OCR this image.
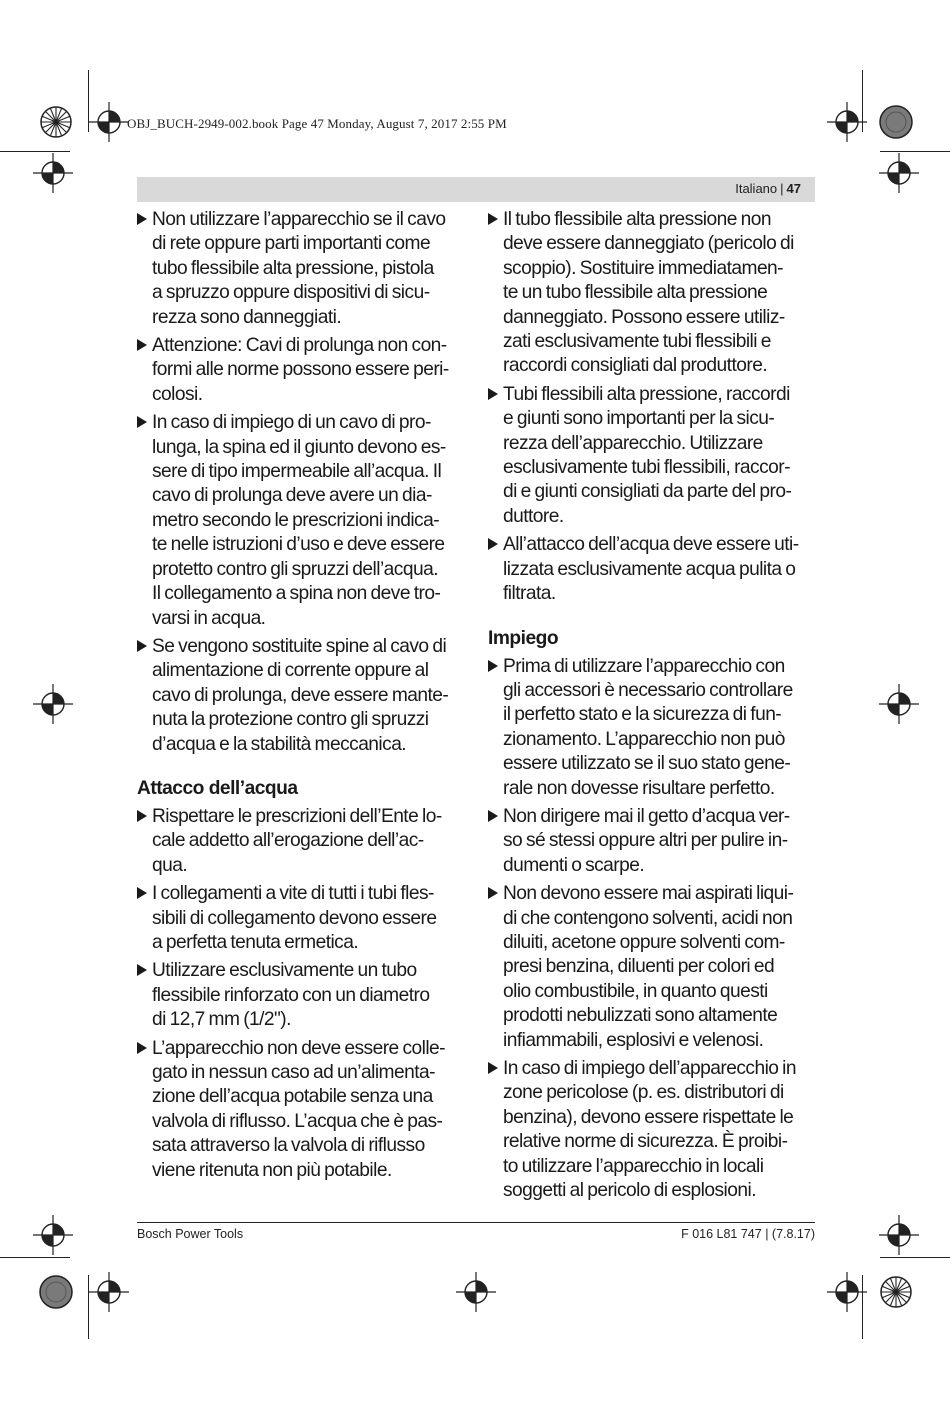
OBJ_BUCH-2949-002.book Page 47 Monday, August 7, 2017 2:55 PM
Italiano | 47
Non utilizzare l’apparecchio se il cavo
di rete oppure parti importanti come
tubo flessibile alta pressione, pistola
a spruzzo oppure dispositivi di sicu-
rezza sono danneggiati.
Attenzione: Cavi di prolunga non con-
formi alle norme possono essere peri-
colosi.
In caso di impiego di un cavo di pro-
lunga, la spina ed il giunto devono es-
sere di tipo impermeabile all’acqua. Il
cavo di prolunga deve avere un dia-
metro secondo le prescrizioni indica-
te nelle istruzioni d’uso e deve essere
protetto contro gli spruzzi dell’acqua.
Il collegamento a spina non deve tro-
varsi in acqua.
Se vengono sostituite spine al cavo di
alimentazione di corrente oppure al
cavo di prolunga, deve essere mante-
nuta la protezione contro gli spruzzi
d’acqua e la stabilità meccanica.
Attacco dell’acqua
Rispettare le prescrizioni dell’Ente lo-
cale addetto all’erogazione dell’ac-
qua.
I collegamenti a vite di tutti i tubi fles-
sibili di collegamento devono essere
a perfetta tenuta ermetica.
Utilizzare esclusivamente un tubo
flessibile rinforzato con un diametro
di 12,7 mm (1/2").
L’apparecchio non deve essere colle-
gato in nessun caso ad un’alimenta-
zione dell’acqua potabile senza una
valvola di riflusso. L’acqua che è pas-
sata attraverso la valvola di riflusso
viene ritenuta non più potabile.
Il tubo flessibile alta pressione non
deve essere danneggiato (pericolo di
scoppio). Sostituire immediatamen-
te un tubo flessibile alta pressione
danneggiato. Possono essere utiliz-
zati esclusivamente tubi flessibili e
raccordi consigliati dal produttore.
Tubi flessibili alta pressione, raccordi
e giunti sono importanti per la sicu-
rezza dell’apparecchio. Utilizzare
esclusivamente tubi flessibili, raccor-
di e giunti consigliati da parte del pro-
duttore.
All’attacco dell’acqua deve essere uti-
lizzata esclusivamente acqua pulita o
filtrata.
Impiego
Prima di utilizzare l’apparecchio con
gli accessori è necessario controllare
il perfetto stato e la sicurezza di fun-
zionamento. L’apparecchio non può
essere utilizzato se il suo stato gene-
rale non dovesse risultare perfetto.
Non dirigere mai il getto d’acqua ver-
so sé stessi oppure altri per pulire in-
dumenti o scarpe.
Non devono essere mai aspirati liqui-
di che contengono solventi, acidi non
diluiti, acetone oppure solventi com-
presi benzina, diluenti per colori ed
olio combustibile, in quanto questi
prodotti nebulizzati sono altamente
infiammabili, esplosivi e velenosi.
In caso di impiego dell’apparecchio in
zone pericolose (p. es. distributori di
benzina), devono essere rispettate le
relative norme di sicurezza. È proibi-
to utilizzare l’apparecchio in locali
soggetti al pericolo di esplosioni.
Bosch Power Tools	F 016 L81 747 | (7.8.17)
